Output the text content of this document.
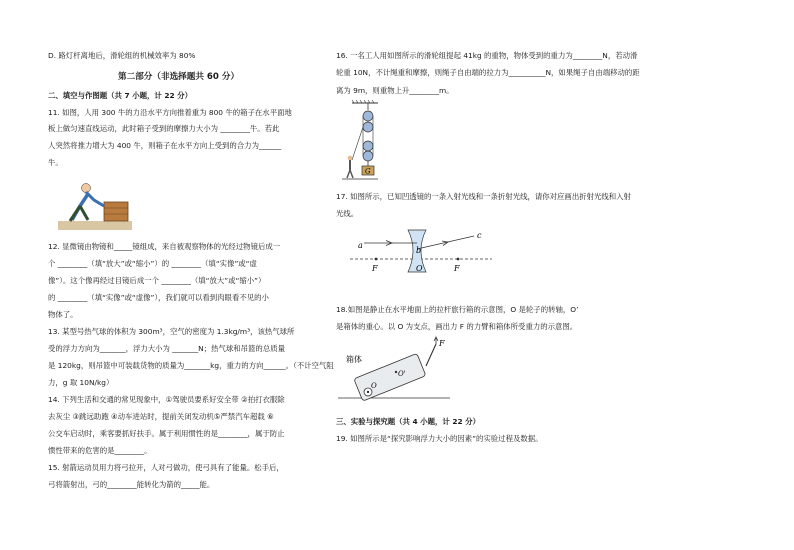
D. 路灯杆离地后，滑轮组的机械效率为 80%
第二部分（非选择题共 60 分）
二、填空与作图题（共 7 小题，计 22 分）
11. 如图，人用 300 牛的力沿水平方向推着重为 800 牛的箱子在水平面地
板上做匀速直线运动，此时箱子受到的摩擦力大小为 ________牛。若此
人突然将推力增大为 400 牛，则箱子在水平方向上受到的合力为______
牛。
12. 显微镜由物镜和_____镜组成，来自被观察物体的光经过物镜后成一
个 ________（填“放大”或“缩小”）的 ________（填“实像”或“虚
像”）。这个像再经过目镜后成一个 ________（填“放大”或“缩小”）
的 ________（填“实像”或“虚像”），我们就可以看到肉眼看不见的小
物体了。
13. 某型号热气球的体积为 300m³，空气的密度为 1.3kg/m³，该热气球所
受的浮力方向为_______，浮力大小为 _______N；热气球和吊篮的总质量
是 120kg，则吊篮中可装载货物的质量为_______kg，重力的方向______。（不计空气阻
力，g 取 10N/kg）
14. 下列生活和交通的常见现象中，①驾驶员要系好安全带 ②拍打衣服除
去灰尘 ③跳远助跑 ④动车进站时，提前关闭发动机⑤严禁汽车超载 ⑥
公交车启动时，乘客要抓好扶手。属于利用惯性的是________，属于防止
惯性带来的危害的是________。
15. 射箭运动员用力将弓拉开，人对弓做功，使弓具有了能量。松手后，
弓将箭射出，弓的________能转化为箭的_____能。
16. 一名工人用如图所示的滑轮组提起 41kg 的重物，物体受到的重力为________N，若动滑
轮重 10N，不计绳重和摩擦，则绳子自由端的拉力为__________N，如果绳子自由端移动的距
离为 9m，则重物上升________m。
G
17. 如图所示，已知凹透镜的一条入射光线和一条折射光线，请你对应画出折射光线和入射
光线。
a
b
c
F	O	F
18.如图是静止在水平地面上的拉杆旅行箱的示意图，O 是轮子的转轴，O’
是箱体的重心。以 O 为支点，画出力 F 的力臂和箱体所受重力的示意图。
箱体
F
O
O'
三、实验与探究题（共 4 小题，计 22 分）
19. 如图所示是“探究影响浮力大小的因素”的实验过程及数据。
